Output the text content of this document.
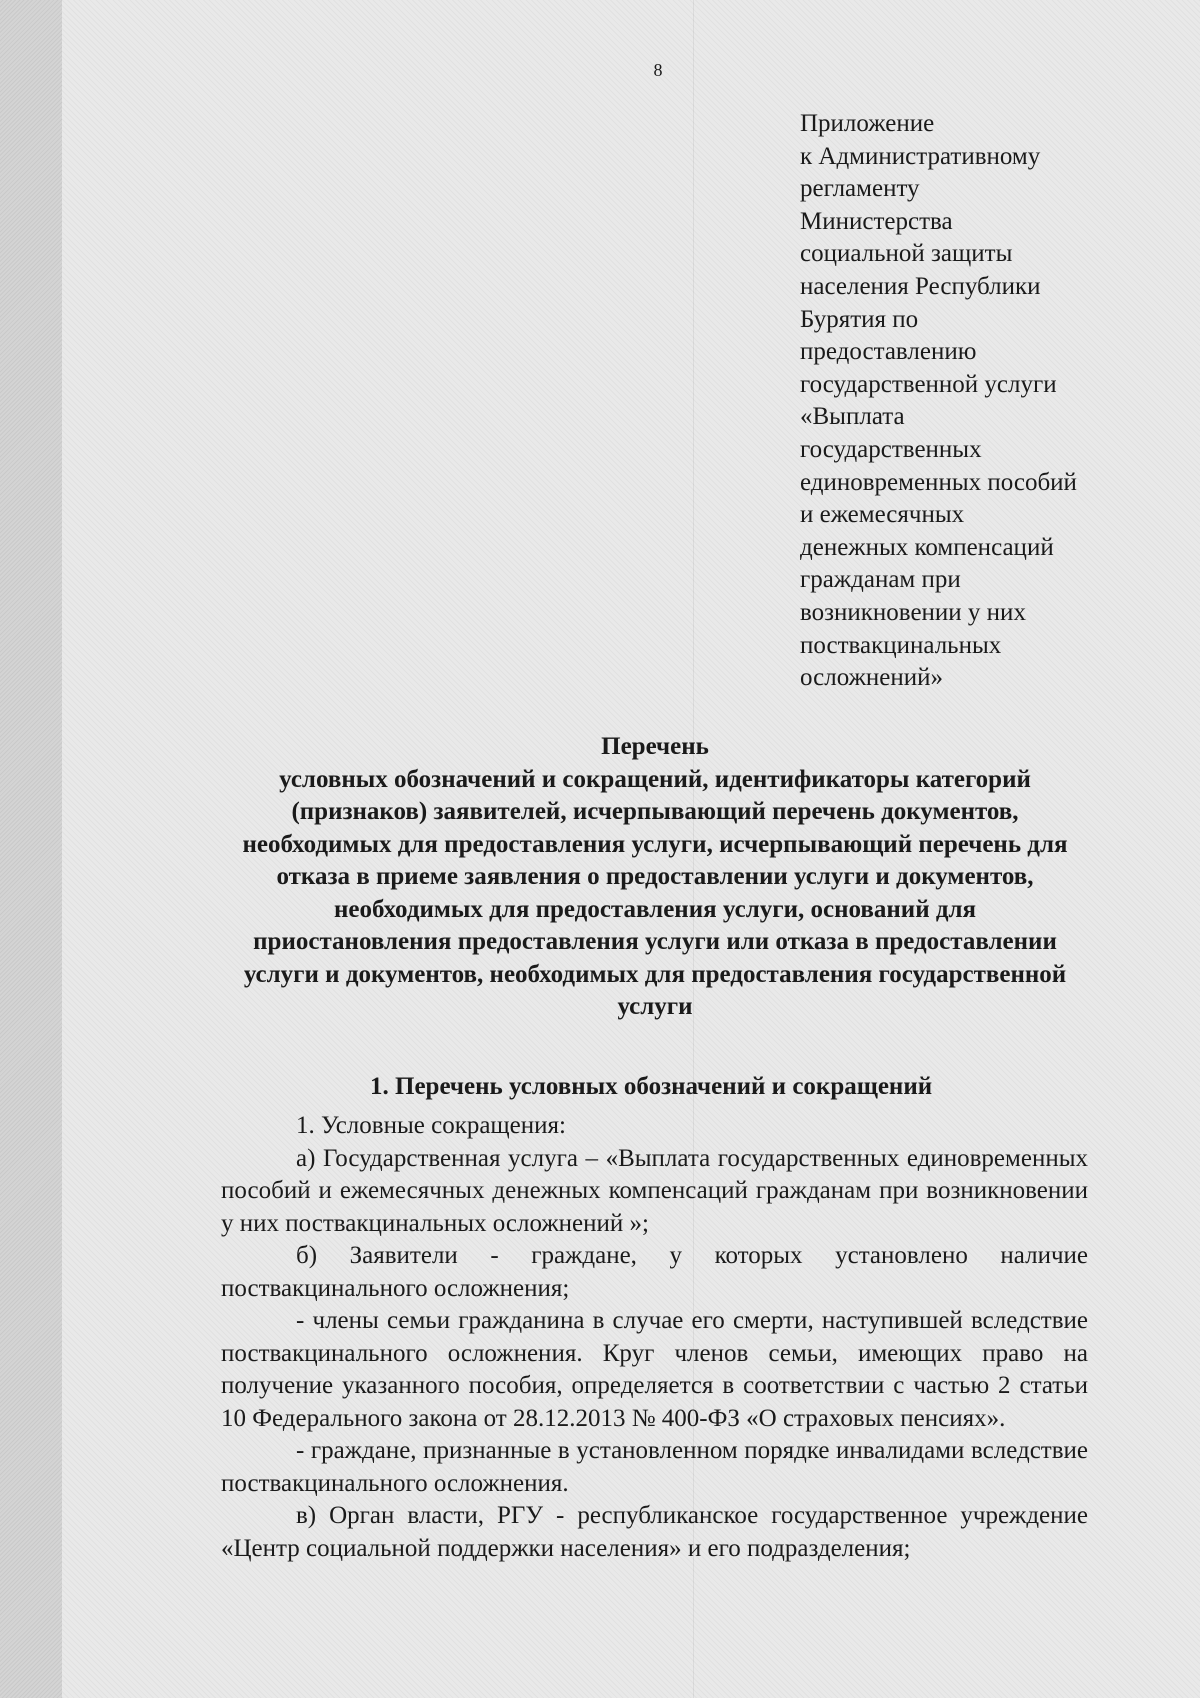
8
Приложение
к Административному
регламенту
Министерства
социальной защиты
населения Республики
Бурятия по
предоставлению
государственной услуги
«Выплата
государственных
единовременных пособий
и ежемесячных
денежных компенсаций
гражданам при
возникновении у них
поствакцинальных
осложнений»
Перечень
условных обозначений и сокращений, идентификаторы категорий
(признаков) заявителей, исчерпывающий перечень документов,
необходимых для предоставления услуги, исчерпывающий перечень для
отказа в приеме заявления о предоставлении услуги и документов,
необходимых для предоставления услуги, оснований для
приостановления предоставления услуги или отказа в предоставлении
услуги и документов, необходимых для предоставления государственной
услуги
1. Перечень условных обозначений и сокращений

1. Условные сокращения:

а) Государственная услуга – «Выплата государственных единовременных пособий и ежемесячных денежных компенсаций гражданам при возникновении у них поствакцинальных осложнений »;

б) Заявители - граждане, у которых установлено наличие поствакцинального осложнения;

- члены семьи гражданина в случае его смерти, наступившей вследствие поствакцинального осложнения. Круг членов семьи, имеющих право на получение указанного пособия, определяется в соответствии с частью 2 статьи 10 Федерального закона от 28.12.2013 № 400-ФЗ «О страховых пенсиях».

- граждане, признанные в установленном порядке инвалидами вследствие поствакцинального осложнения.

в) Орган власти, РГУ - республиканское государственное учреждение «Центр социальной поддержки населения» и его подразделения;
